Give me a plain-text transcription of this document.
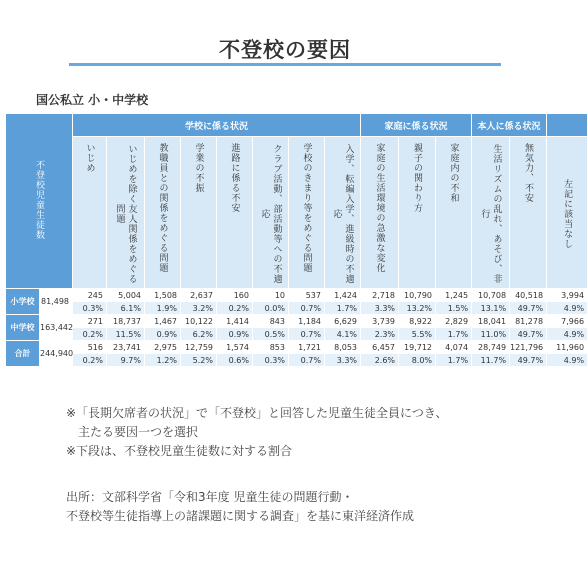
不登校の要因
国公私立 小・中学校
不登校児童生徒数		学校に係る状況								家庭に係る状況			本人に係る状況		
		いじめ	いじめを除く友人関係をめぐる問題	教職員との関係をめぐる問題	学業の不振	進路に係る不安	クラブ活動、部活動等への不適応	学校のきまり等をめぐる問題	入学、転編入学、進級時の不適応	家庭の生活環境の急激な変化	親子の関わり方	家庭内の不和	生活リズムの乱れ、あそび、非行	無気力、不安	左記に該当なし
小学校	81,498	245	5,004	1,508	2,637	160	10	537	1,424	2,718	10,790	1,245	10,708	40,518	3,994
		0.3%	6.1%	1.9%	3.2%	0.2%	0.0%	0.7%	1.7%	3.3%	13.2%	1.5%	13.1%	49.7%	4.9%
中学校	163,442	271	18,737	1,467	10,122	1,414	843	1,184	6,629	3,739	8,922	2,829	18,041	81,278	7,966
		0.2%	11.5%	0.9%	6.2%	0.9%	0.5%	0.7%	4.1%	2.3%	5.5%	1.7%	11.0%	49.7%	4.9%
合計	244,940	516	23,741	2,975	12,759	1,574	853	1,721	8,053	6,457	19,712	4,074	28,749	121,796	11,960
		0.2%	9.7%	1.2%	5.2%	0.6%	0.3%	0.7%	3.3%	2.6%	8.0%	1.7%	11.7%	49.7%	4.9%
※「長期欠席者の状況」で「不登校」と回答した児童生徒全員につき、
主たる要因一つを選択
※下段は、不登校児童生徒数に対する割合
出所：文部科学省「令和3年度 児童生徒の問題行動・
不登校等生徒指導上の諸課題に関する調査」を基に東洋経済作成
